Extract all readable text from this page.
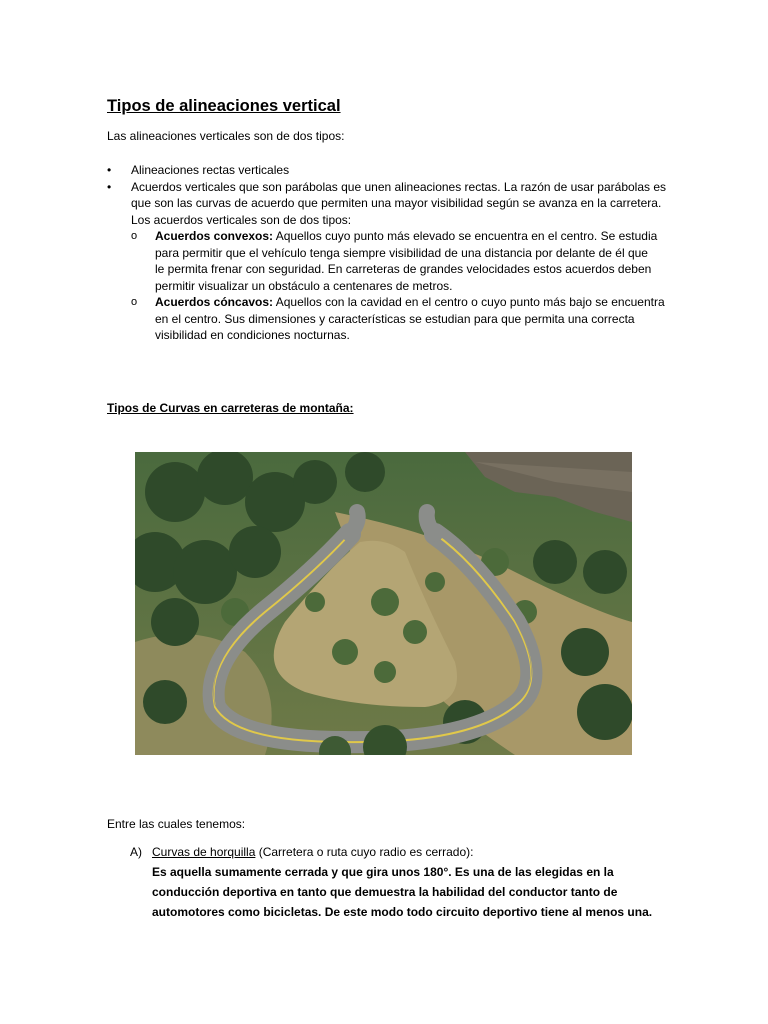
Tipos de alineaciones vertical

Las alineaciones verticales son de dos tipos:

• Alineaciones rectas verticales
• Acuerdos verticales que son parábolas que unen alineaciones rectas. La razón de usar parábolas es
que son las curvas de acuerdo que permiten una mayor visibilidad según se avanza en la carretera.
Los acuerdos verticales son de dos tipos:
o Acuerdos convexos: Aquellos cuyo punto más elevado se encuentra en el centro. Se estudia
para permitir que el vehículo tenga siempre visibilidad de una distancia por delante de él que
le permita frenar con seguridad. En carreteras de grandes velocidades estos acuerdos deben
permitir visualizar un obstáculo a centenares de metros.
o Acuerdos cóncavos: Aquellos con la cavidad en el centro o cuyo punto más bajo se encuentra
en el centro. Sus dimensiones y características se estudian para que permita una correcta
visibilidad en condiciones nocturnas.
Tipos de Curvas en carreteras de montaña:

Entre las cuales tenemos:

A) Curvas de horquilla (Carretera o ruta cuyo radio es cerrado):
Es aquella sumamente cerrada y que gira unos 180°. Es una de las elegidas en la
conducción deportiva en tanto que demuestra la habilidad del conductor tanto de
automotores como bicicletas. De este modo todo circuito deportivo tiene al menos una.
